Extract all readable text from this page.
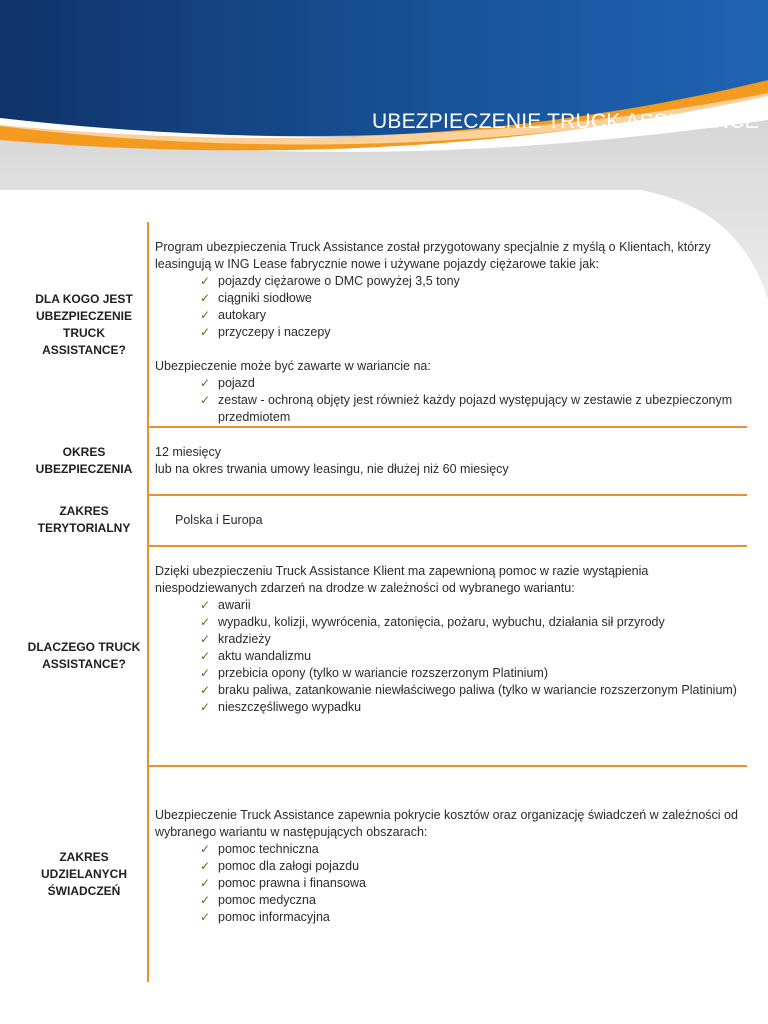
UBEZPIECZENIE TRUCK ASSISTANCE
DLA KOGO JEST UBEZPIECZENIE TRUCK ASSISTANCE?

Program ubezpieczenia Truck Assistance został przygotowany specjalnie z myślą o Klientach, którzy leasingują w ING Lease fabrycznie nowe i używane pojazdy ciężarowe takie jak:

✓ pojazdy ciężarowe o DMC powyżej 3,5 tony
✓ ciągniki siodłowe
✓ autokary
✓ przyczepy i naczepy

Ubezpieczenie może być zawarte w wariancie na:

✓ pojazd
✓ zestaw - ochroną objęty jest również każdy pojazd występujący w zestawie z ubezpieczonym przedmiotem
OKRES UBEZPIECZENIA

12 miesięcy

lub na okres trwania umowy leasingu, nie dłużej niż 60 miesięcy

ZAKRES TERYTORIALNY

Polska i Europa

DLACZEGO TRUCK ASSISTANCE?

Dzięki ubezpieczeniu Truck Assistance Klient ma zapewnioną pomoc w razie wystąpienia niespodziewanych zdarzeń na drodze w zależności od wybranego wariantu:

✓ awarii
✓ wypadku, kolizji, wywrócenia, zatonięcia, pożaru, wybuchu, działania sił przyrody
✓ kradzieży
✓ aktu wandalizmu
✓ przebicia opony (tylko w wariancie rozszerzonym Platinium)
✓ braku paliwa, zatankowanie niewłaściwego paliwa (tylko w wariancie rozszerzonym Platinium)
✓ nieszczęśliwego wypadku
ZAKRES UDZIELANYCH ŚWIADCZEŃ

Ubezpieczenie Truck Assistance zapewnia pokrycie kosztów oraz organizację świadczeń w zależności od wybranego wariantu w następujących obszarach:

✓ pomoc techniczna
✓ pomoc dla załogi pojazdu
✓ pomoc prawna i finansowa
✓ pomoc medyczna
✓ pomoc informacyjna
